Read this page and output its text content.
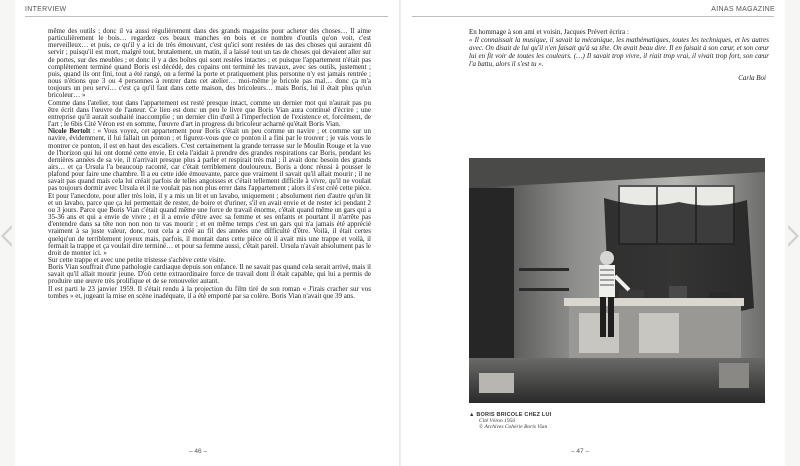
INTERVIEW

même des outils ; donc il va aussi régulièrement dans des grands magasins pour acheter des choses… Il aime particulièrement le bois… regardez ces beaux manches en bois et ce nombre d'outils qu'on voit, c'est merveilleux… et puis, ce qu'il y a ici de très émouvant, c'est qu'ici sont restées de tas des choses qui auraient dû servir ; puisqu'il est mort, malgré tout, brutalement, un matin, il a laissé tout un tas de choses qui devaient aller sur de portes, sur des meubles ; et donc il y a des boîtes qui sont restées intactes ; et puisque l'appartement n'était pas complètement terminé quand Boris est décédé, des copains ont terminé les travaux, avec ses outils, justement ; puis, quand ils ont fini, tout a été rangé, on a fermé la porte et pratiquement plus personne n'y est jamais rentrée ; nous n'étions que 3 ou 4 personnes à rentrer dans cet atelier… moi-même je bricole pas mal… donc ça m'a toujours un peu servi… c'est ça qu'il faut dans cette maison, des bricoleurs… mais Boris, lui il était plus qu'un bricoleur… »

Comme dans l'atelier, tout dans l'appartement est resté presque intact, comme un dernier mot qui n'aurait pas pu être écrit dans l'œuvre de l'auteur. Ce lieu est donc un peu le livre que Boris Vian aura continué d'écrire ; une entreprise qu'il aurait souhaité inaccomplie ; un dernier clin d'œil à l'imperfection de l'existence et, forcément, de l'art ; le 6bis Cité Véron est en somme, l'œuvre d'art in progress du bricoleur acharné qu'était Boris Vian.

Nicole Bertolt : « Vous voyez, cet appartement pour Boris c'était un peu comme un navire ; et comme sur un navire, évidemment, il lui fallait un ponton ; et figurez-vous que ce ponton il a fini par le trouver ; je vais vous le montrer ce ponton, il est en haut des escaliers. C'est certainement la grande terrasse sur le Moulin Rouge et la vue de l'horizon qui lui ont donné cette envie. Et cela l'aidait à prendre des grandes respirations car Boris, pendant les dernières années de sa vie, il n'arrivait presque plus à parler et respirait très mal ; il avait donc besoin des grands airs… et ça Ursula l'a beaucoup raconté, car c'était terriblement douloureux. Boris a donc réussi à pousser le plafond pour faire une chambre. Il a eu cette idée émouvante, parce que vraiment il savait qu'il allait mourir ; il ne savait pas quand mais cela lui créait parfois de telles angoisses et c'était tellement difficile à vivre, qu'il ne voulait pas toujours dormir avec Ursula et il ne voulait pas non plus errer dans l'appartement ; alors il s'est créé cette pièce. Et pour l'anecdote, pour aller très loin, il y a mis un lit et un lavabo, uniquement ; absolument rien d'autre qu'un lit et un lavabo, parce que ça lui permettait de rester, de boire et d'uriner, s'il en avait envie et de rester ici pendant 2 ou 3 jours. Parce que Boris Vian c'était quand même une force de travail énorme, c'était quand même un gars qui a 35-36 ans et qui a envie de vivre ; et il a envie d'être avec sa femme et ses enfants et pourtant il n'arrête pas d'entendre dans sa tête non non non tu vas mourir ; et en même temps c'est un gars qui n'a jamais été apprécié vraiment à sa juste valeur, donc, tout cela a créé au fil des années une difficulté d'être. Voilà, il était certes quelqu'un de terriblement joyeux mais, parfois, il montait dans cette pièce où il avait mis une trappe et voilà, il fermait la trappe et ça voulait dire terminé… et pour sa femme aussi, c'était pareil. Ursula n'avait absolument pas le droit de monter ici. »

Sur cette trappe et avec une petite tristesse s'achève cette visite.

Boris Vian souffrait d'une pathologie cardiaque depuis son enfance. Il ne savait pas quand cela serait arrivé, mais il savait qu'il allait mourir jeune. D'où cette extraordinaire force de travail dont il était capable, qui lui a permis de produire une œuvre très prolifique et de se renouveler autant.

Il est parti le 23 janvier 1959. Il s'était rendu à la projection du film tiré de son roman « J'irais cracher sur vos tombes » et, jugeant la mise en scène inadéquate, il a été emporté par sa colère. Boris Vian n'avait que 39 ans.

– 46 –
AINAS MAGAZINE
En hommage à son ami et voisin, Jacques Prévert écrira :
« Il connaissait la musique, il savait la mécanique, les mathématiques, toutes les techniques, et les autres avec. On disait de lui qu'il n'en faisait qu'à sa tête. On avait beau dire. Il en faisait à son cœur, et son cœur lui en fit voir de toutes les couleurs. (…) Il savait trop vivre, il riait trop vrai, il vivait trop fort, son cœur l'a battu, alors il s'est tu ».
Carla Boi
▲ BORIS BRICOLE CHEZ LUI
Cité Véron 1956
© Archives Cohérie Boris Vian
– 47 –
